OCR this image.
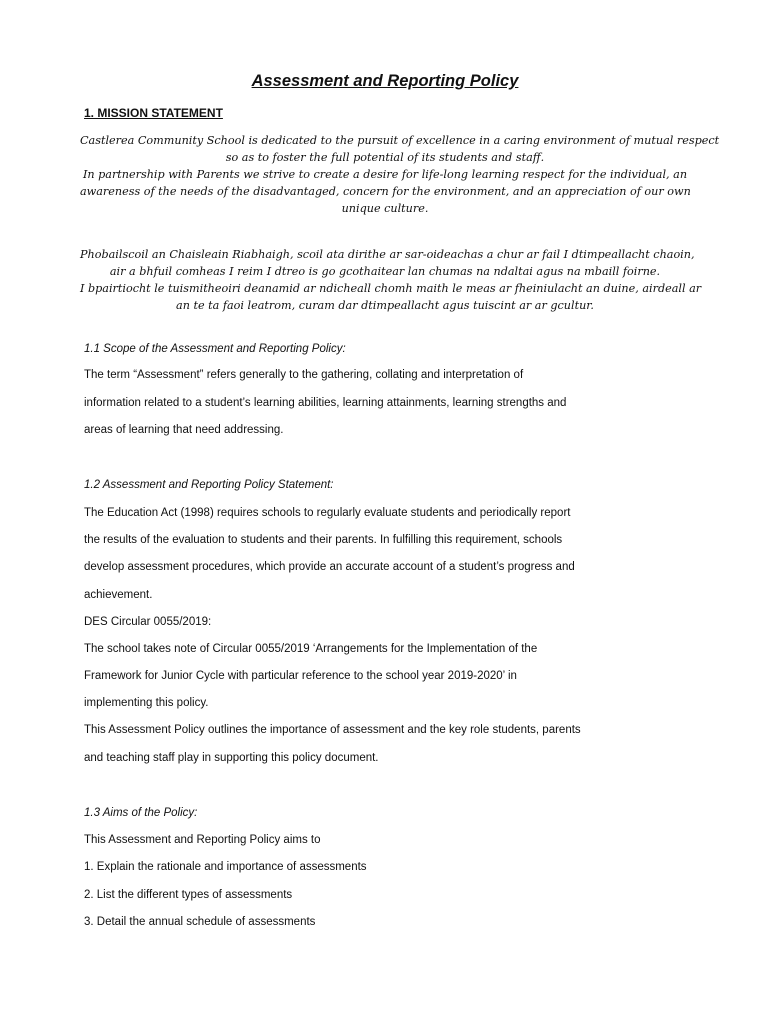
Assessment and Reporting Policy
1. MISSION STATEMENT

Castlerea Community School is dedicated to the pursuit of excellence in a caring environment of mutual respect
so as to foster the full potential of its students and staff.
In partnership with Parents we strive to create a desire for life-long learning respect for the individual, an
awareness of the needs of the disadvantaged, concern for the environment, and an appreciation of our own
unique culture.

Phobailscoil an Chaisleain Riabhaigh, scoil ata dirithe ar sar-oideachas a chur ar fail I dtimpeallacht chaoin,
air a bhfuil comheas I reim I dtreo is go gcothaitear lan chumas na ndaltai agus na mbaill foirne.
I bpairtiocht le tuismitheoiri deanamid ar ndicheall chomh maith le meas ar fheiniulacht an duine, airdeall ar
an te ta faoi leatrom, curam dar dtimpeallacht agus tuiscint ar ar gcultur.

1.1 Scope of the Assessment and Reporting Policy:
The term “Assessment” refers generally to the gathering, collating and interpretation of
information related to a student’s learning abilities, learning attainments, learning strengths and
areas of learning that need addressing.
1.2 Assessment and Reporting Policy Statement:
The Education Act (1998) requires schools to regularly evaluate students and periodically report
the results of the evaluation to students and their parents. In fulfilling this requirement, schools
develop assessment procedures, which provide an accurate account of a student’s progress and
achievement.
DES Circular 0055/2019:
The school takes note of Circular 0055/2019 ‘Arrangements for the Implementation of the
Framework for Junior Cycle with particular reference to the school year 2019-2020’ in
implementing this policy.
This Assessment Policy outlines the importance of assessment and the key role students, parents
and teaching staff play in supporting this policy document.
1.3 Aims of the Policy:
This Assessment and Reporting Policy aims to
1. Explain the rationale and importance of assessments
2. List the different types of assessments
3. Detail the annual schedule of assessments
